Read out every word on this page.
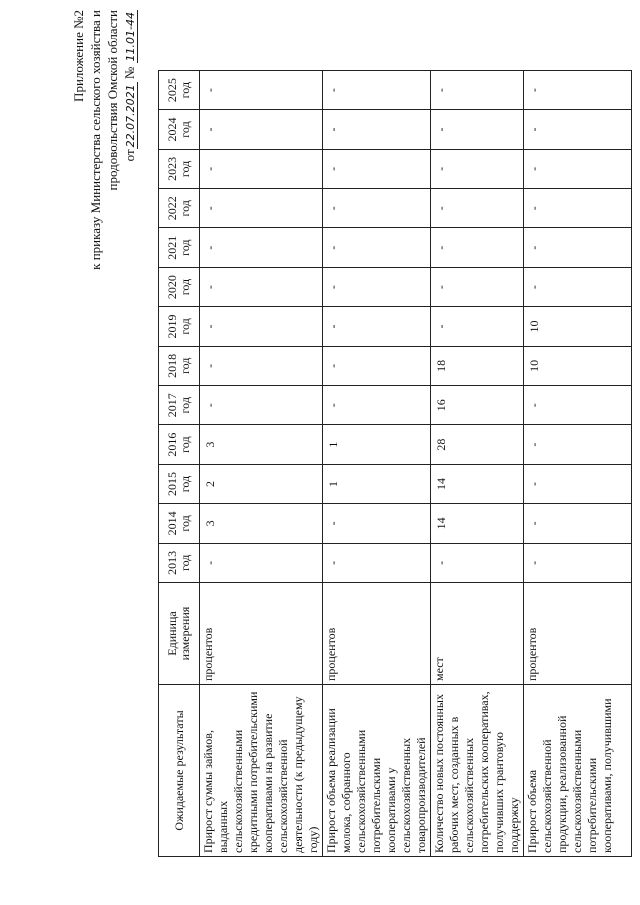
Приложение №2 к приказу Министерства сельского хозяйства и продовольствия Омской области от22.07.2021 № 11.01-44
Ожидаемые результаты	Единица измерения	2013 год	2014 год	2015 год	2016 год	2017 год	2018 год	2019 год	2020 год	2021 год	2022 год	2023 год	2024 год	2025 год
Прирост суммы займов, выданных сельскохозяйственными кредитными потребительскими кооперативами на развитие сельскохозяйственной деятельности (к предыдущему году)	процентов	-	3	2	3	-	-	-	-	-	-	-	-	-
Прирост объема реализации молока, собранного сельскохозяйственными потребительскими кооперативами у сельскохозяйственных товаропроизводителей	процентов	-	-	1	1	-	-	-	-	-	-	-	-	-
Количество новых постоянных рабочих мест, созданных в сельскохозяйственных потребительских кооперативах, получивших грантовую поддержку	мест	-	14	14	28	16	18	-	-	-	-	-	-	-
Прирост объема сельскохозяйственной продукции, реализованной сельскохозяйственными потребительскими кооперативами, получившими	процентов	-	-	-	-	-	10	10	-	-	-	-	-	-
